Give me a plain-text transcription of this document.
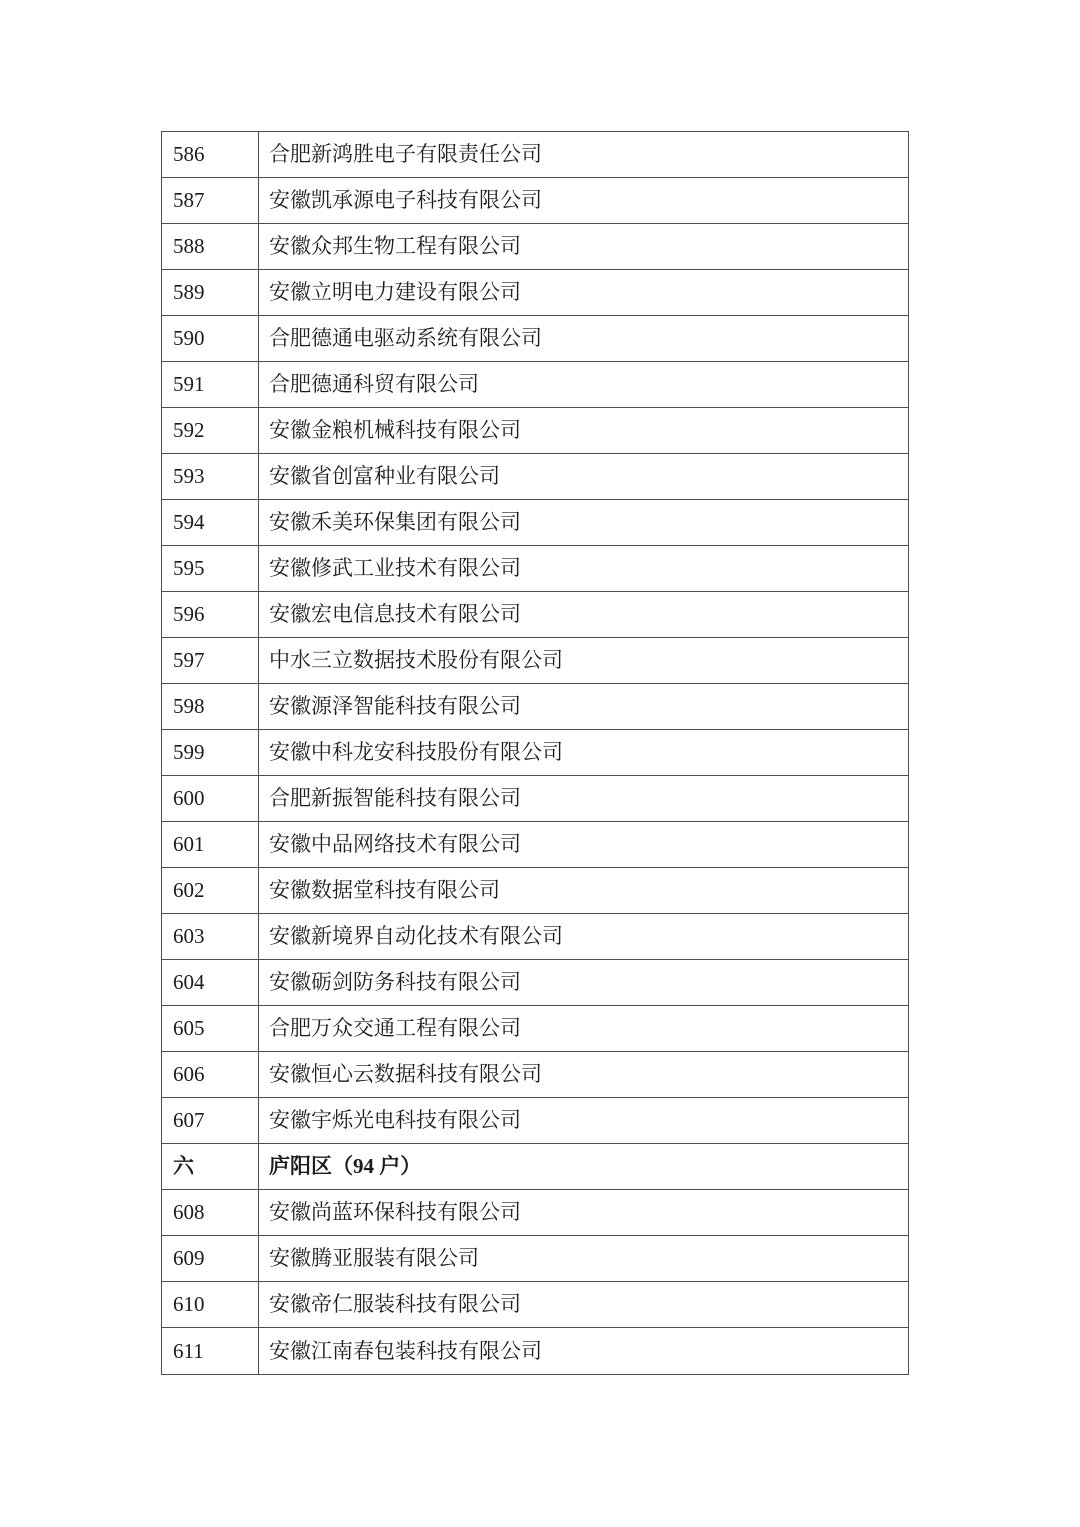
586	合肥新鸿胜电子有限责任公司
587	安徽凯承源电子科技有限公司
588	安徽众邦生物工程有限公司
589	安徽立明电力建设有限公司
590	合肥德通电驱动系统有限公司
591	合肥德通科贸有限公司
592	安徽金粮机械科技有限公司
593	安徽省创富种业有限公司
594	安徽禾美环保集团有限公司
595	安徽修武工业技术有限公司
596	安徽宏电信息技术有限公司
597	中水三立数据技术股份有限公司
598	安徽源泽智能科技有限公司
599	安徽中科龙安科技股份有限公司
600	合肥新振智能科技有限公司
601	安徽中品网络技术有限公司
602	安徽数据堂科技有限公司
603	安徽新境界自动化技术有限公司
604	安徽砺剑防务科技有限公司
605	合肥万众交通工程有限公司
606	安徽恒心云数据科技有限公司
607	安徽宇烁光电科技有限公司
六	庐阳区（94 户）
608	安徽尚蓝环保科技有限公司
609	安徽腾亚服装有限公司
610	安徽帝仁服装科技有限公司
611	安徽江南春包装科技有限公司
